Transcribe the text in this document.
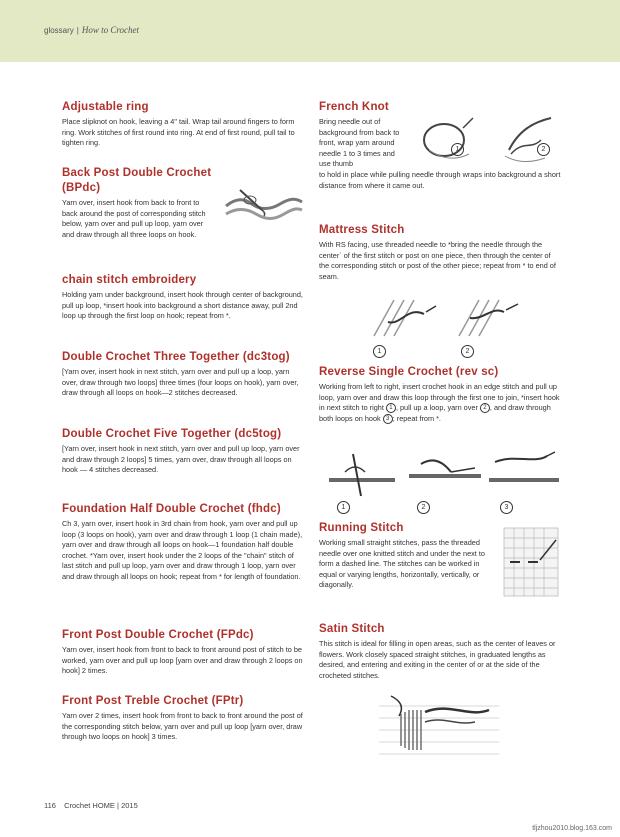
glossary | How to Crochet
Adjustable ring

Place slipknot on hook, leaving a 4" tail. Wrap tail around fingers to form ring. Work stitches of first round into ring. At end of first round, pull tail to tighten ring.

Back Post Double Crochet (BPdc)

Yarn over, insert hook from back to front to back around the post of corresponding stitch below, yarn over and pull up loop, yarn over and draw through all three loops on hook.

chain stitch embroidery

Holding yarn under background, insert hook through center of background, pull up loop, *insert hook into background a short distance away, pull 2nd loop up through the first loop on hook; repeat from *.

Double Crochet Three Together (dc3tog)

[Yarn over, insert hook in next stitch, yarn over and pull up a loop, yarn over, draw through two loops] three times (four loops on hook), yarn over, draw through all loops on hook—2 stitches decreased.

Double Crochet Five Together (dc5tog)

[Yarn over, insert hook in next stitch, yarn over and pull up loop, yarn over and draw through 2 loops] 5 times, yarn over, draw through all loops on hook — 4 stitches decreased.

Foundation Half Double Crochet (fhdc)

Ch 3, yarn over, insert hook in 3rd chain from hook, yarn over and pull up loop (3 loops on hook), yarn over and draw through 1 loop (1 chain made), yarn over and draw through all loops on hook—1 foundation half double crochet. *Yarn over, insert hook under the 2 loops of the "chain" stitch of last stitch and pull up loop, yarn over and draw through 1 loop, yarn over and draw through all loops on hook; repeat from * for length of foundation.

Front Post Double Crochet (FPdc)

Yarn over, insert hook from front to back to front around post of stitch to be worked, yarn over and pull up loop [yarn over and draw through 2 loops on hook] 2 times.

Front Post Treble Crochet (FPtr)

Yarn over 2 times, insert hook from front to back to front around the post of the corresponding stitch below, yarn over and pull up loop [yarn over, draw through two loops on hook] 3 times.

French Knot

Bring needle out of background from back to front, wrap yarn around needle 1 to 3 times and use thumb

to hold in place while pulling needle through wraps into background a short distance from where it came out.

1	2
Mattress Stitch

With RS facing, use threaded needle to *bring the needle through the center` of the first stitch or post on one piece, then through the center of the corresponding stitch or post of the other piece; repeat from * to end of seam.

1	2
Reverse Single Crochet (rev sc)

Working from left to right, insert crochet hook in an edge stitch and pull up loop, yarn over and draw this loop through the first one to join, *insert hook in next stitch to right 1 , pull up a loop, yarn over 2 , and draw through both loops on hook 3 ; repeat from *.

1	2	3
Running Stitch

Working small straight stitches, pass the threaded needle over one knitted stitch and under the next to form a dashed line. The stitches can be worked in equal or varying lengths, horizontally, vertically, or diagonally.

Satin Stitch

This stitch is ideal for filling in open areas, such as the center of leaves or flowers. Work closely spaced straight stitches, in graduated lengths as desired, and entering and exiting in the center of or at the side of the crocheted stitches.

116 Crochet HOME | 2015
tljzhou2010.blog.163.com
